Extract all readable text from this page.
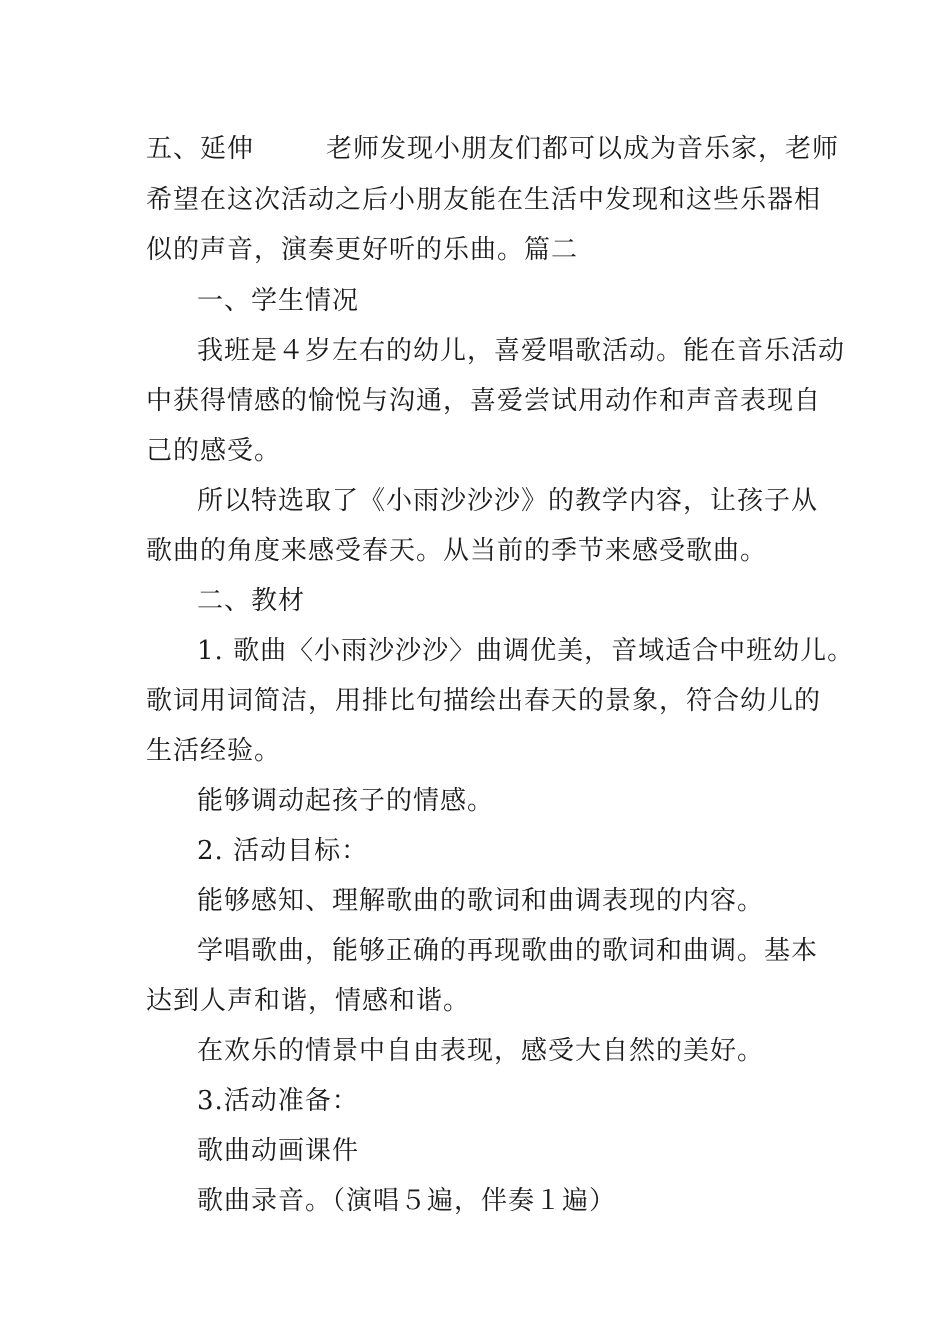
五、延伸	老师发现小朋友们都可以成为音乐家，老师
希望在这次活动之后小朋友能在生活中发现和这些乐器相
似的声音，演奏更好听的乐曲。篇二
一、学生情况
我班是４岁左右的幼儿，喜爱唱歌活动。能在音乐活动
中获得情感的愉悦与沟通，喜爱尝试用动作和声音表现自
己的感受。
所以特选取了《小雨沙沙沙》的教学内容，让孩子从
歌曲的角度来感受春天。从当前的季节来感受歌曲。
二、教材
1. 歌曲〈小雨沙沙沙〉曲调优美，音域适合中班幼儿。
歌词用词简洁，用排比句描绘出春天的景象，符合幼儿的
生活经验。
能够调动起孩子的情感。
2. 活动目标：
能够感知、理解歌曲的歌词和曲调表现的内容。
学唱歌曲，能够正确的再现歌曲的歌词和曲调。基本
达到人声和谐，情感和谐。
在欢乐的情景中自由表现，感受大自然的美好。
3.活动准备：
歌曲动画课件
歌曲录音。（演唱５遍，伴奏１遍）
